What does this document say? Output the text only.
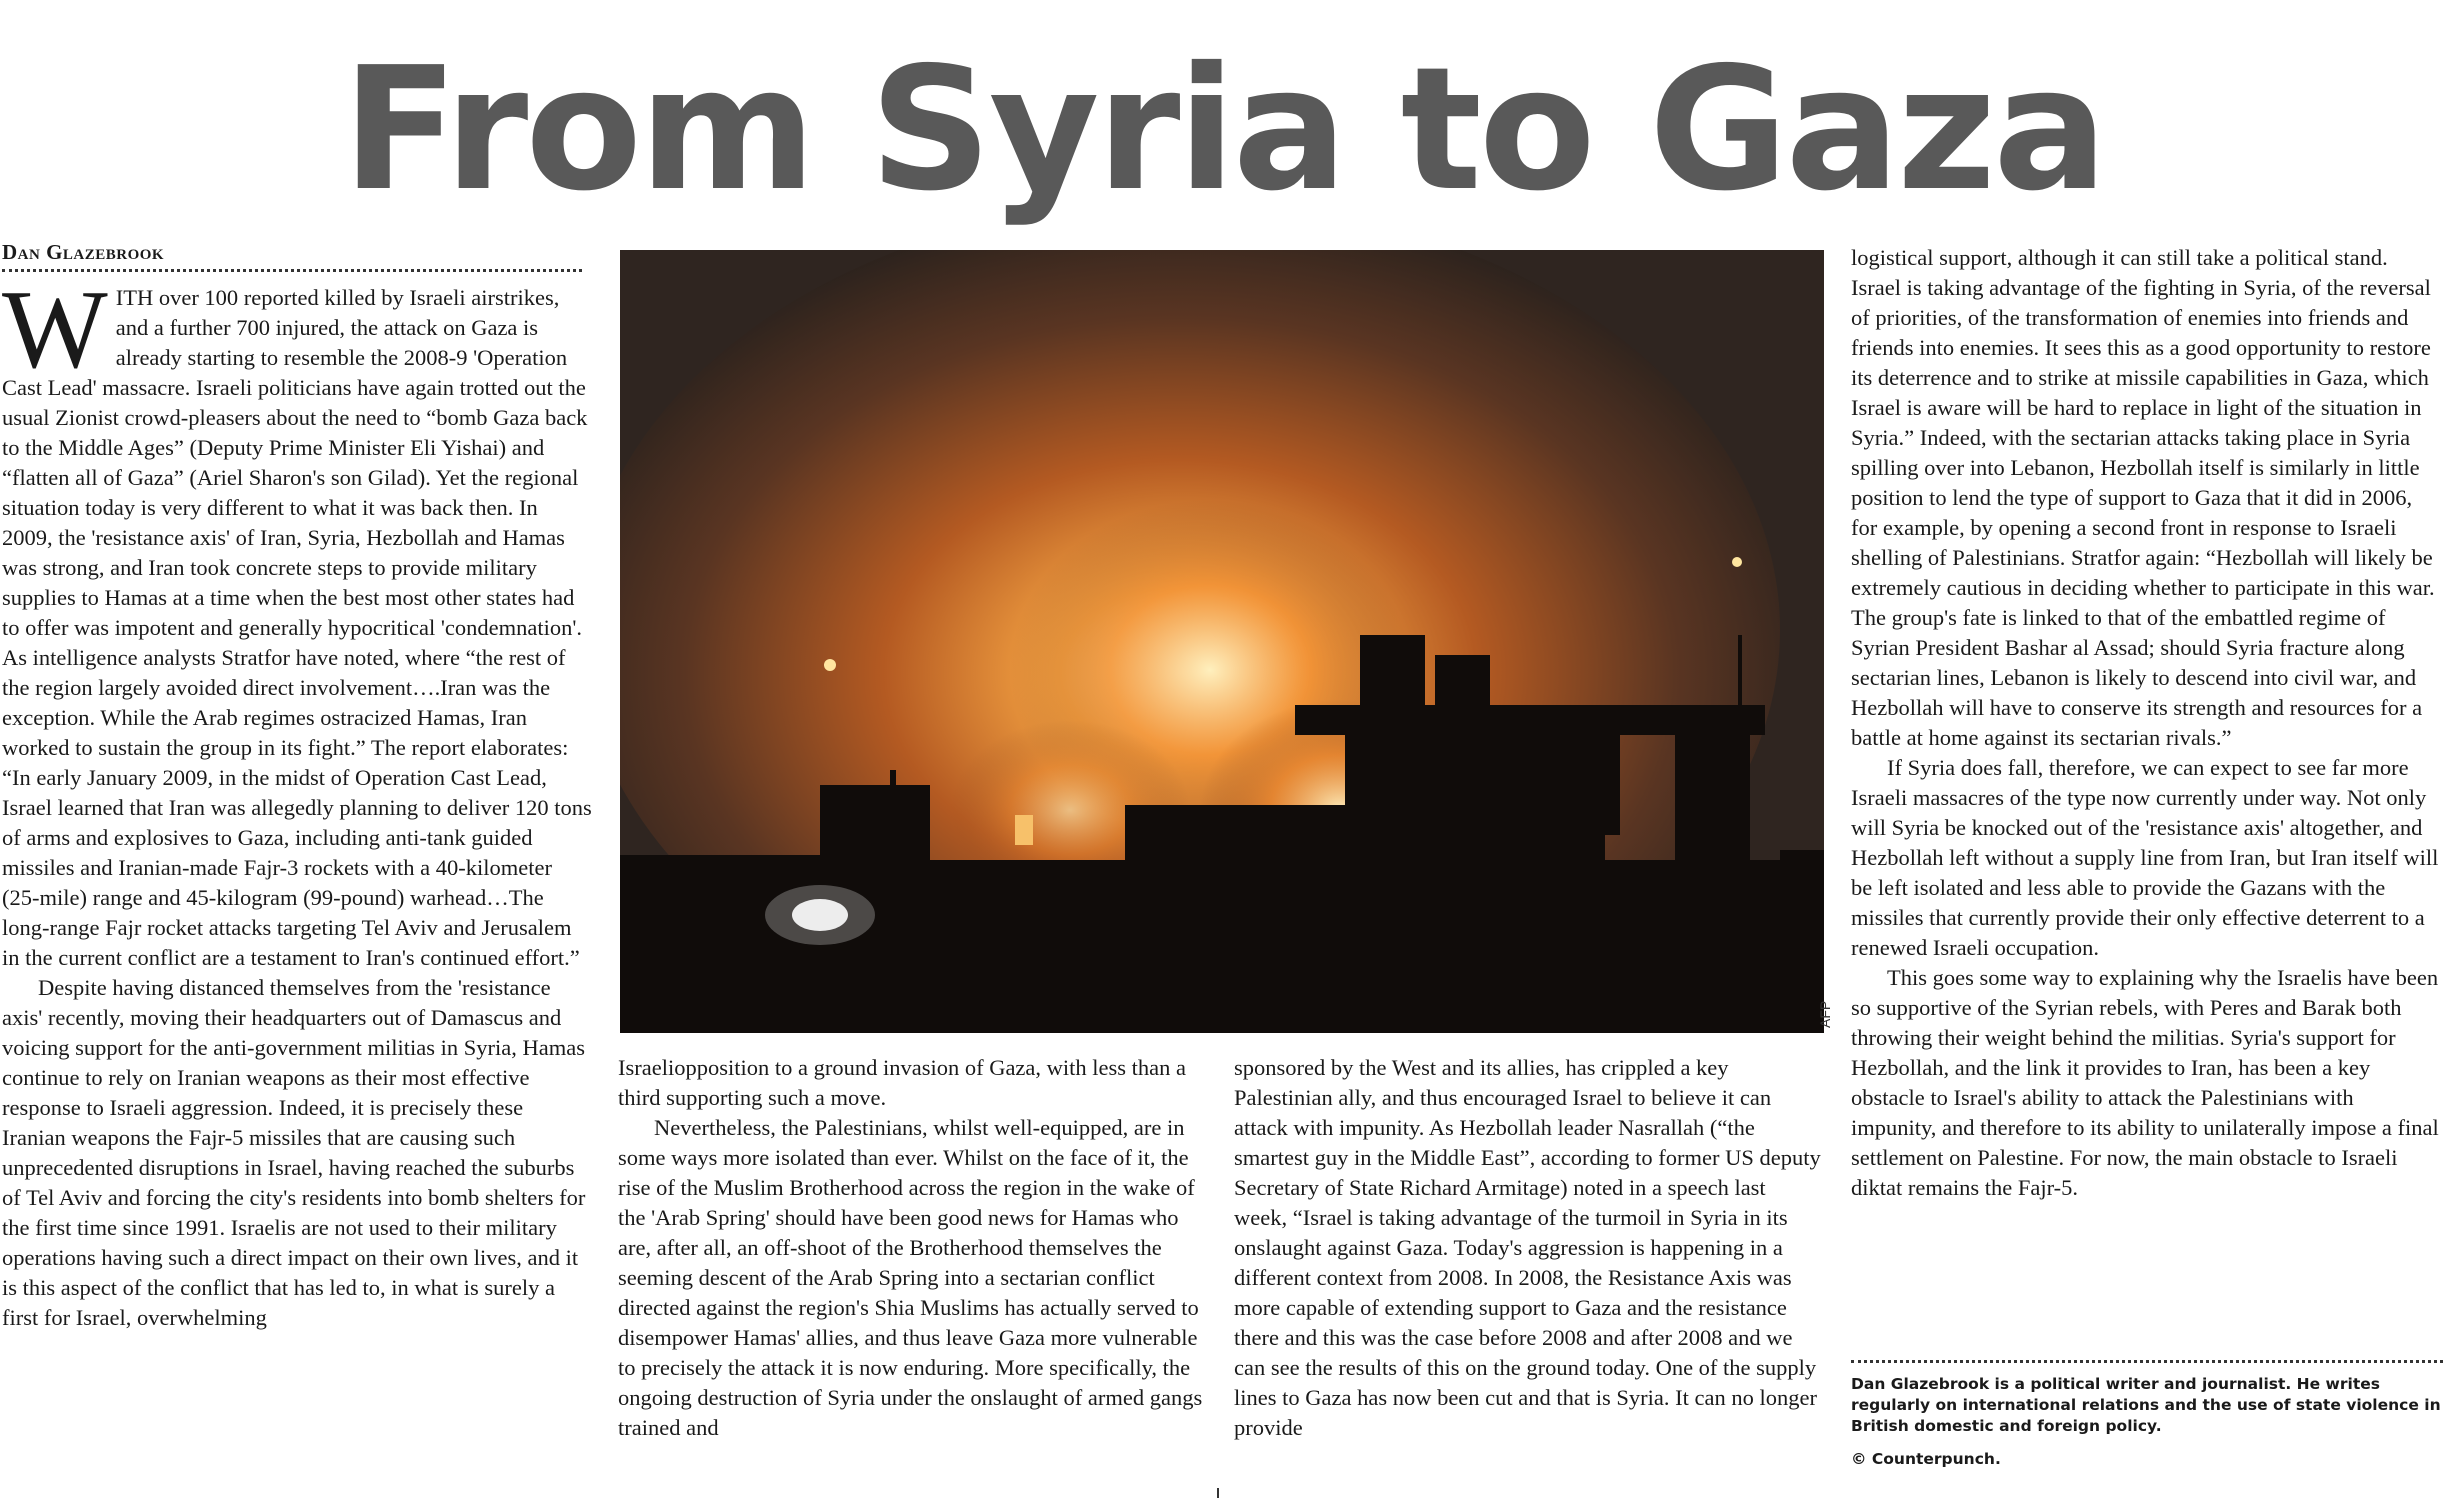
From Syria to Gaza
Dan Glazebrook

WITH over 100 reported killed by Israeli airstrikes, and a further 700 injured, the attack on Gaza is already starting to resemble the 2008-9 'Operation Cast Lead' massacre. Israeli politicians have again trotted out the usual Zionist crowd-pleasers about the need to “bomb Gaza back to the Middle Ages” (Deputy Prime Minister Eli Yishai) and “flatten all of Gaza” (Ariel Sharon's son Gilad). Yet the regional situation today is very different to what it was back then. In 2009, the 'resistance axis' of Iran, Syria, Hezbollah and Hamas was strong, and Iran took concrete steps to provide military supplies to Hamas at a time when the best most other states had to offer was impotent and generally hypocritical 'condemnation'. As intelligence analysts Stratfor have noted, where “the rest of the region largely avoided direct involvement….Iran was the exception. While the Arab regimes ostracized Hamas, Iran worked to sustain the group in its fight.” The report elaborates: “In early January 2009, in the midst of Operation Cast Lead, Israel learned that Iran was allegedly planning to deliver 120 tons of arms and explosives to Gaza, including anti-tank guided missiles and Iranian-made Fajr-3 rockets with a 40-kilometer (25-mile) range and 45-kilogram (99-pound) warhead…The long-range Fajr rocket attacks targeting Tel Aviv and Jerusalem in the current conflict are a testament to Iran's continued effort.”

Despite having distanced themselves from the 'resistance axis' recently, moving their headquarters out of Damascus and voicing support for the anti-government militias in Syria, Hamas continue to rely on Iranian weapons as their most effective response to Israeli aggression. Indeed, it is precisely these Iranian weapons the Fajr-5 missiles that are causing such unprecedented disruptions in Israel, having reached the suburbs of Tel Aviv and forcing the city's residents into bomb shelters for the first time since 1991. Israelis are not used to their military operations having such a direct impact on their own lives, and it is this aspect of the conflict that has led to, in what is surely a first for Israel, overwhelming

AFP

Israeliopposition to a ground invasion of Gaza, with less than a third supporting such a move.

Nevertheless, the Palestinians, whilst well-equipped, are in some ways more isolated than ever. Whilst on the face of it, the rise of the Muslim Brotherhood across the region in the wake of the 'Arab Spring' should have been good news for Hamas who are, after all, an off-shoot of the Brotherhood themselves the seeming descent of the Arab Spring into a sectarian conflict directed against the region's Shia Muslims has actually served to disempower Hamas' allies, and thus leave Gaza more vulnerable to precisely the attack it is now enduring. More specifically, the ongoing destruction of Syria under the onslaught of armed gangs trained and

sponsored by the West and its allies, has crippled a key Palestinian ally, and thus encouraged Israel to believe it can attack with impunity. As Hezbollah leader Nasrallah (“the smartest guy in the Middle East”, according to former US deputy Secretary of State Richard Armitage) noted in a speech last week, “Israel is taking advantage of the turmoil in Syria in its onslaught against Gaza. Today's aggression is happening in a different context from 2008. In 2008, the Resistance Axis was more capable of extending support to Gaza and the resistance there and this was the case before 2008 and after 2008 and we can see the results of this on the ground today. One of the supply lines to Gaza has now been cut and that is Syria. It can no longer provide

logistical support, although it can still take a political stand. Israel is taking advantage of the fighting in Syria, of the reversal of priorities, of the transformation of enemies into friends and friends into enemies. It sees this as a good opportunity to restore its deterrence and to strike at missile capabilities in Gaza, which Israel is aware will be hard to replace in light of the situation in Syria.” Indeed, with the sectarian attacks taking place in Syria spilling over into Lebanon, Hezbollah itself is similarly in little position to lend the type of support to Gaza that it did in 2006, for example, by opening a second front in response to Israeli shelling of Palestinians. Stratfor again: “Hezbollah will likely be extremely cautious in deciding whether to participate in this war. The group's fate is linked to that of the embattled regime of Syrian President Bashar al Assad; should Syria fracture along sectarian lines, Lebanon is likely to descend into civil war, and Hezbollah will have to conserve its strength and resources for a battle at home against its sectarian rivals.”

If Syria does fall, therefore, we can expect to see far more Israeli massacres of the type now currently under way. Not only will Syria be knocked out of the 'resistance axis' altogether, and Hezbollah left without a supply line from Iran, but Iran itself will be left isolated and less able to provide the Gazans with the missiles that currently provide their only effective deterrent to a renewed Israeli occupation.

This goes some way to explaining why the Israelis have been so supportive of the Syrian rebels, with Peres and Barak both throwing their weight behind the militias. Syria's support for Hezbollah, and the link it provides to Iran, has been a key obstacle to Israel's ability to attack the Palestinians with impunity, and therefore to its ability to unilaterally impose a final settlement on Palestine. For now, the main obstacle to Israeli diktat remains the Fajr-5.

Dan Glazebrook is a political writer and journalist. He writes regularly on international relations and the use of state violence in British domestic and foreign policy.

© Counterpunch.
